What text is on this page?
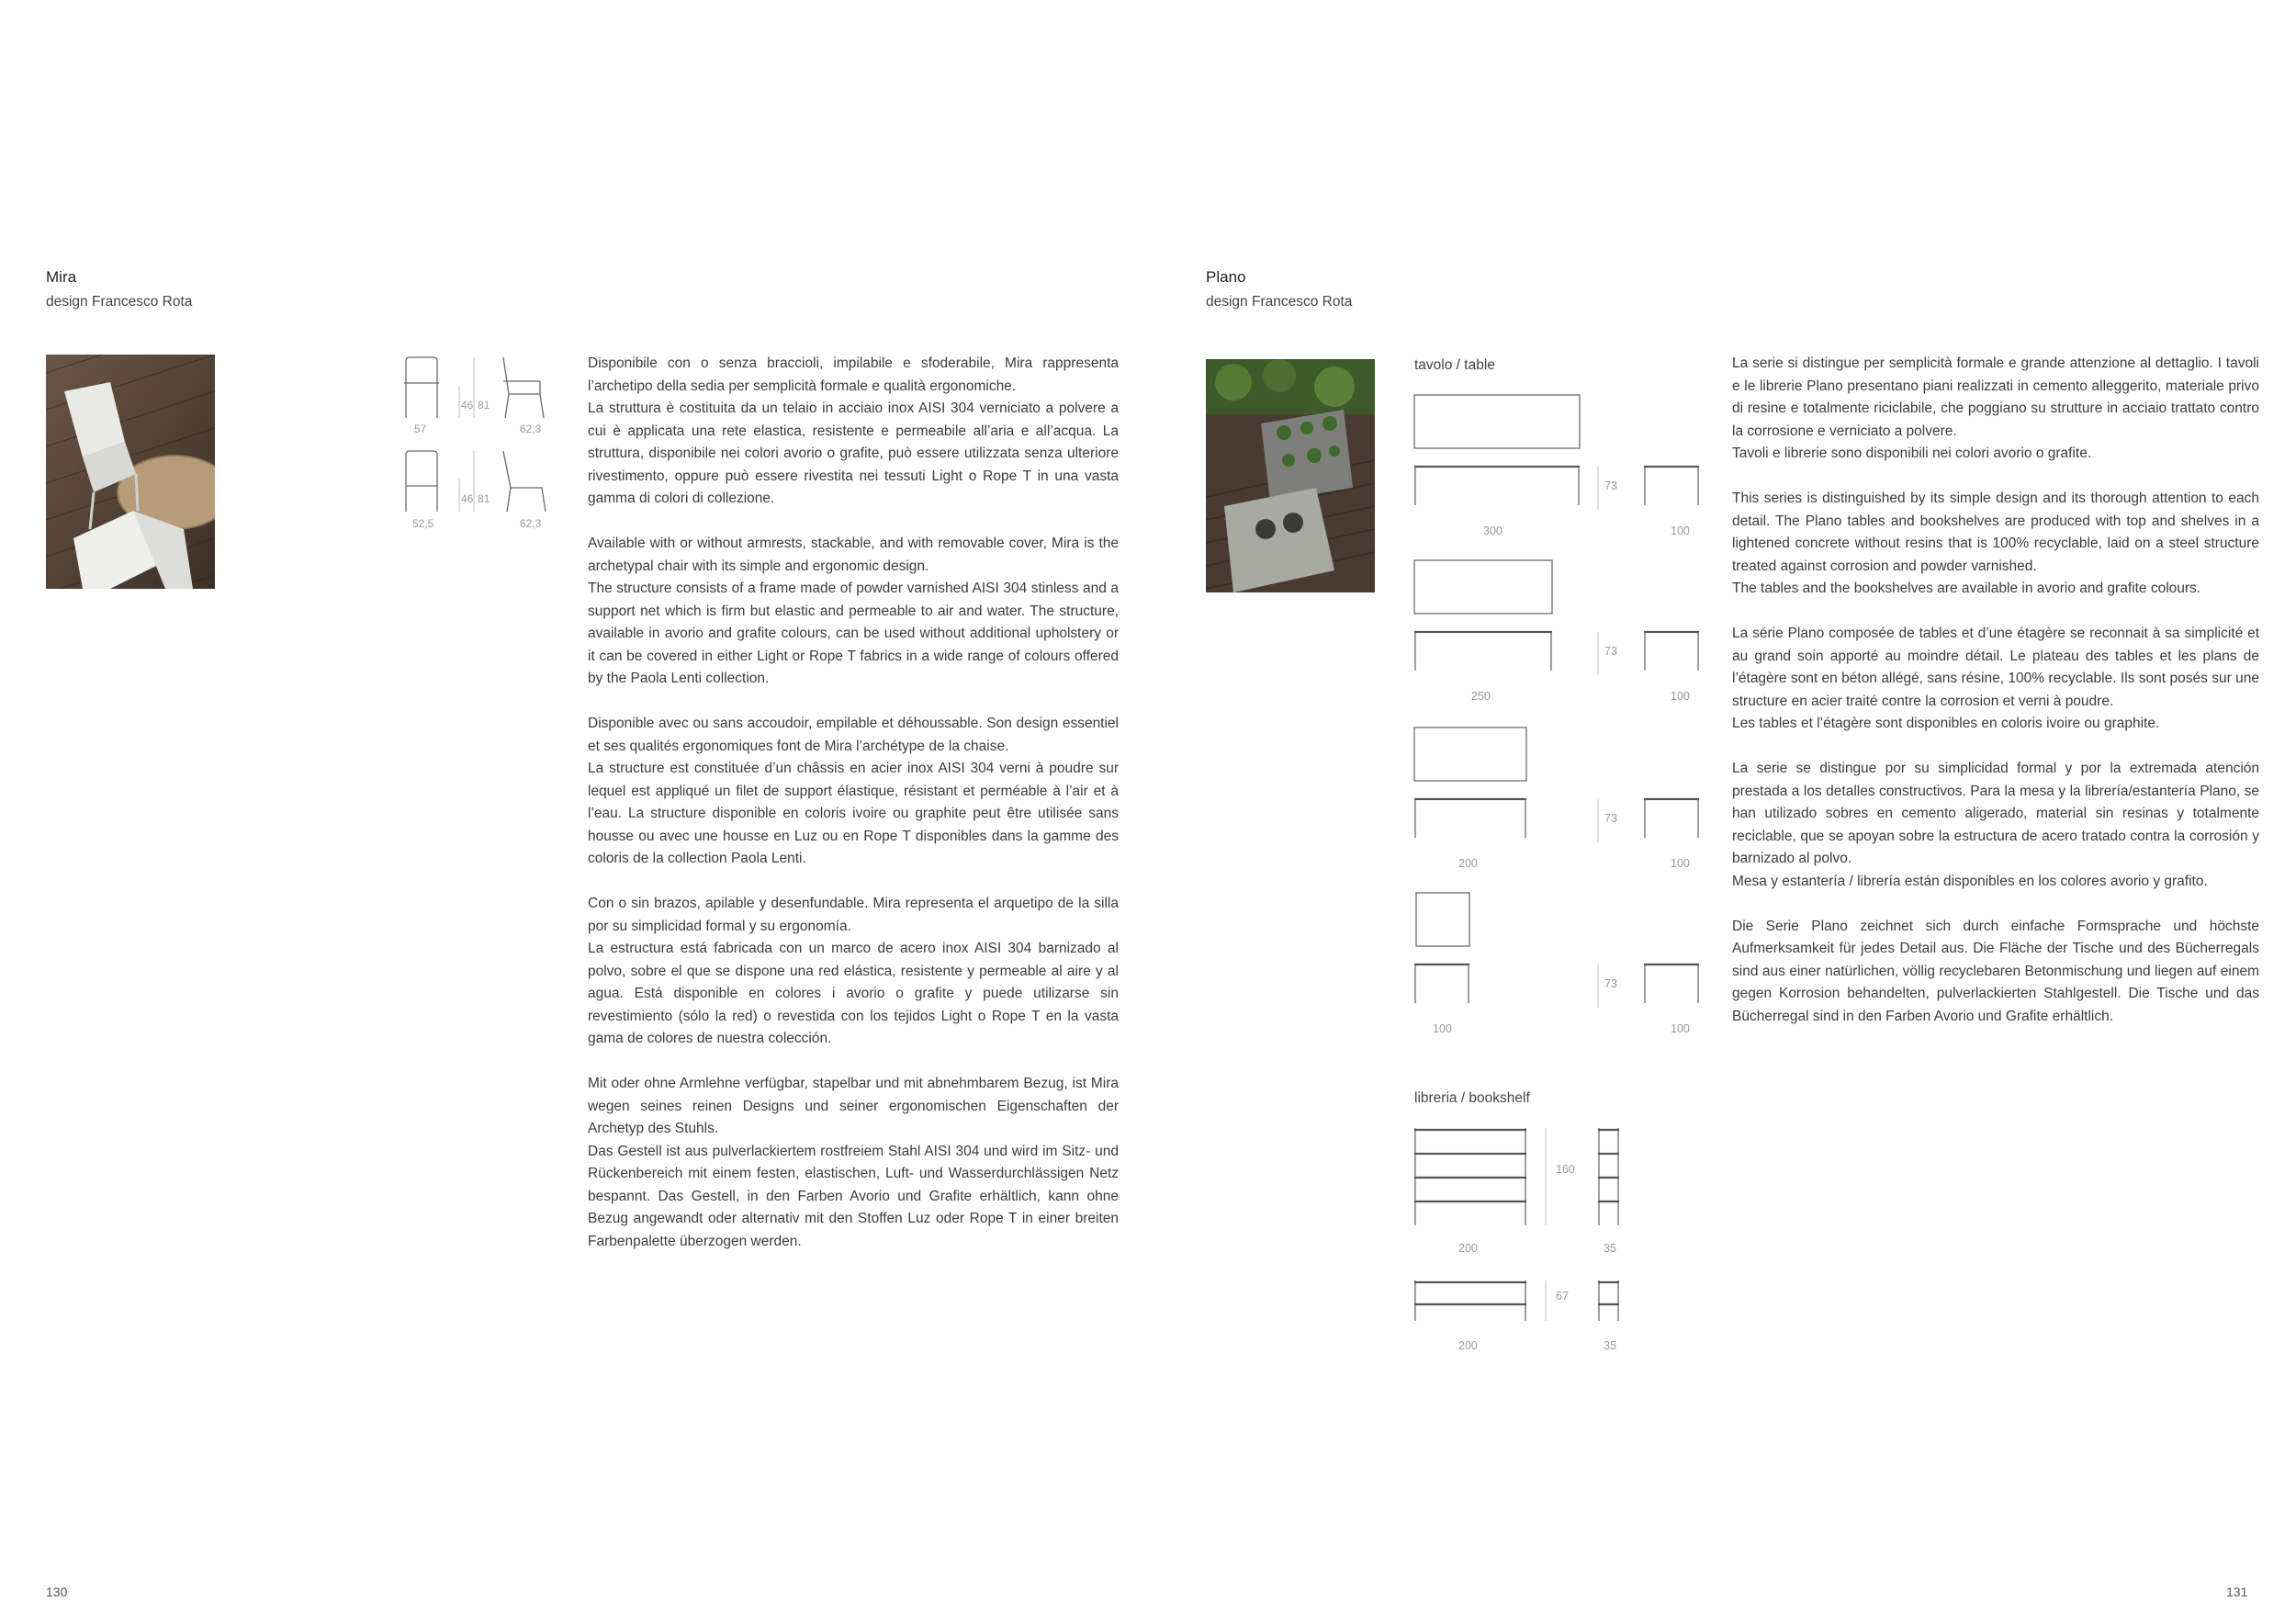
Mira
design Francesco Rota
57
46 81
62,3
52,5
46 81
62,3

Disponibile con o senza braccioli, impilabile e sfoderabile, Mira rappresenta l’archetipo della sedia per semplicità formale e qualità ergonomiche.
La struttura è costituita da un telaio in acciaio inox AISI 304 verniciato a polvere a cui è applicata una rete elastica, resistente e permeabile all’aria e all’acqua. La struttura, disponibile nei colori avorio o grafite, può essere utilizzata senza ulteriore rivestimento, oppure può essere rivestita nei tessuti Light o Rope T in una vasta gamma di colori di collezione.

Available with or without armrests, stackable, and with removable cover, Mira is the archetypal chair with its simple and ergonomic design.
The structure consists of a frame made of powder varnished AISI 304 stinless and a support net which is firm but elastic and permeable to air and water. The structure, available in avorio and grafite colours, can be used without additional upholstery or it can be covered in either Light or Rope T fabrics in a wide range of colours offered by the Paola Lenti collection.

Disponible avec ou sans accoudoir, empilable et déhoussable. Son design essentiel et ses qualités ergonomiques font de Mira l’archétype de la chaise.
La structure est constituée d’un châssis en acier inox AISI 304 verni à poudre sur lequel est appliqué un filet de support élastique, résistant et perméable à l’air et à l’eau. La structure disponible en coloris ivoire ou graphite peut être utilisée sans housse ou avec une housse en Luz ou en Rope T disponibles dans la gamme des coloris de la collection Paola Lenti.

Con o sin brazos, apilable y desenfundable. Mira representa el arquetipo de la silla por su simplicidad formal y su ergonomía.
La estructura está fabricada con un marco de acero inox AISI 304 barnizado al polvo, sobre el que se dispone una red elástica, resistente y permeable al aire y al agua. Está disponible en colores i avorio o grafite y puede utilizarse sin revestimiento (sólo la red) o revestida con los tejidos Light o Rope T en la vasta gama de colores de nuestra colección.

Mit oder ohne Armlehne verfügbar, stapelbar und mit abnehmbarem Bezug, ist Mira wegen seines reinen Designs und seiner ergonomischen Eigenschaften der Archetyp des Stuhls.
Das Gestell ist aus pulverlackiertem rostfreiem Stahl AISI 304 und wird im Sitz- und Rückenbereich mit einem festen, elastischen, Luft- und Wasserdurchlässigen Netz bespannt. Das Gestell, in den Farben Avorio und Grafite erhältlich, kann ohne Bezug angewandt oder alternativ mit den Stoffen Luz oder Rope T in einer breiten Farbenpalette überzogen werden.

130
Plano
design Francesco Rota
tavolo / table
300
73
100
250
73
100
200
73
100
100
73
100
libreria / bookshelf
200
160
35
200
67
35

La serie si distingue per semplicità formale e grande attenzione al dettaglio. I tavoli e le librerie Plano presentano piani realizzati in cemento alleggerito, materiale privo di resine e totalmente riciclabile, che poggiano su strutture in acciaio trattato contro la corrosione e verniciato a polvere.
Tavoli e librerie sono disponibili nei colori avorio o grafite.

This series is distinguished by its simple design and its thorough attention to each detail. The Plano tables and bookshelves are produced with top and shelves in a lightened concrete without resins that is 100% recyclable, laid on a steel structure treated against corrosion and powder varnished.
The tables and the bookshelves are available in avorio and grafite colours.

La série Plano composée de tables et d’une étagère se reconnait à sa simplicité et au grand soin apporté au moindre détail. Le plateau des tables et les plans de l’étagère sont en béton allégé, sans résine, 100% recyclable. Ils sont posés sur une structure en acier traité contre la corrosion et verni à poudre.
Les tables et l’étagère sont disponibles en coloris ivoire ou graphite.

La serie se distingue por su simplicidad formal y por la extremada atención prestada a los detalles constructivos. Para la mesa y la librería/estantería Plano, se han utilizado sobres en cemento aligerado, material sin resinas y totalmente reciclable, que se apoyan sobre la estructura de acero tratado contra la corrosión y barnizado al polvo.
Mesa y estantería / librería están disponibles en los colores avorio y grafito.

Die Serie Plano zeichnet sich durch einfache Formsprache und höchste Aufmerksamkeit für jedes Detail aus. Die Fläche der Tische und des Bücherregals sind aus einer natürlichen, völlig recyclebaren Betonmischung und liegen auf einem gegen Korrosion behandelten, pulverlackierten Stahlgestell. Die Tische und das Bücherregal sind in den Farben Avorio und Grafite erhältlich.

131
